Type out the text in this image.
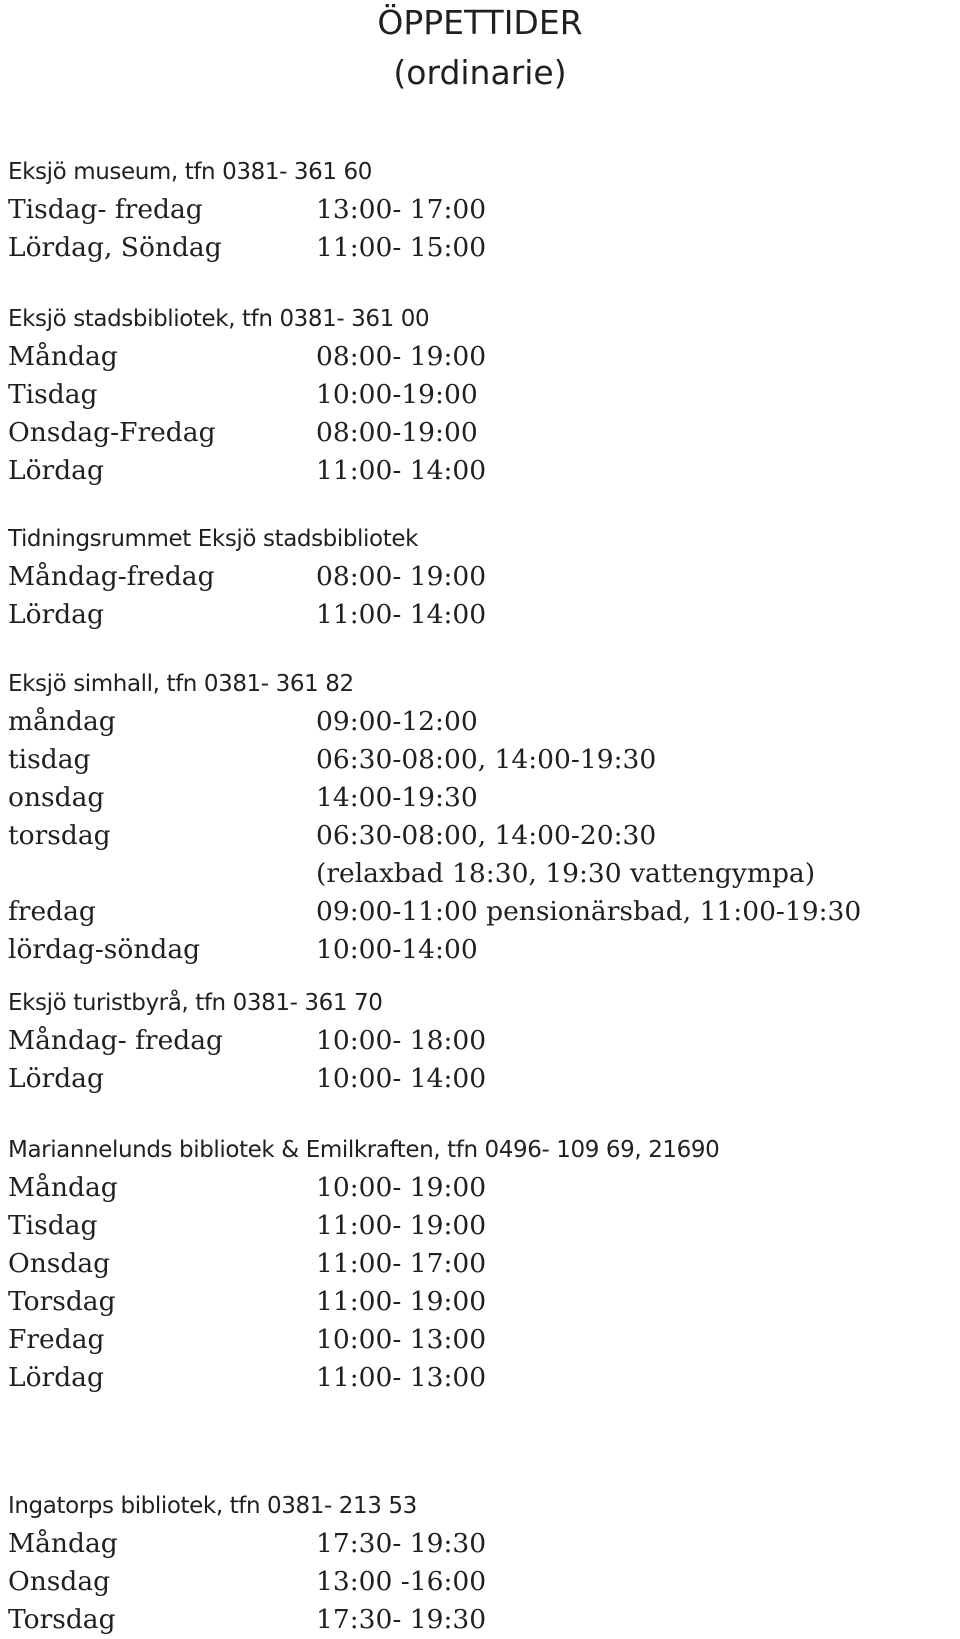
ÖPPETTIDER
(ordinarie)
Eksjö museum, tfn 0381- 361 60
Tisdag- fredag	13:00- 17:00
Lördag, Söndag	11:00- 15:00
Eksjö stadsbibliotek, tfn 0381- 361 00
Måndag	08:00- 19:00
Tisdag	10:00-19:00
Onsdag-Fredag	08:00-19:00
Lördag	11:00- 14:00
Tidningsrummet Eksjö stadsbibliotek
Måndag-fredag	08:00- 19:00
Lördag	11:00- 14:00
Eksjö simhall, tfn 0381- 361 82
måndag	09:00-12:00
tisdag	06:30-08:00, 14:00-19:30
onsdag	14:00-19:30
torsdag	06:30-08:00, 14:00-20:30
(relaxbad 18:30, 19:30 vattengympa)
fredag	09:00-11:00 pensionärsbad, 11:00-19:30
lördag-söndag	10:00-14:00
Eksjö turistbyrå, tfn 0381- 361 70
Måndag- fredag	10:00- 18:00
Lördag	10:00- 14:00
Mariannelunds bibliotek & Emilkraften, tfn 0496- 109 69, 21690
Måndag	10:00- 19:00
Tisdag	11:00- 19:00
Onsdag	11:00- 17:00
Torsdag	11:00- 19:00
Fredag	10:00- 13:00
Lördag	11:00- 13:00
Ingatorps bibliotek, tfn 0381- 213 53
Måndag	17:30- 19:30
Onsdag	13:00 -16:00
Torsdag	17:30- 19:30
